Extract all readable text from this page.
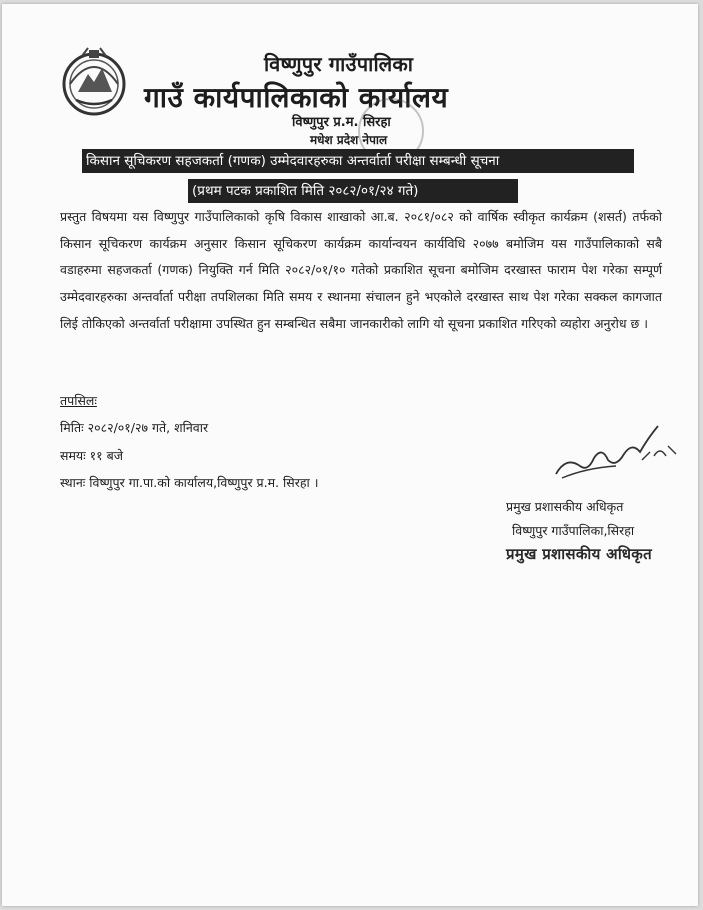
विष्णुपुर गाउँपालिका
गाउँ कार्यपालिकाको कार्यालय
विष्णुपुर प्र.म. सिरहा
मधेश प्रदेश नेपाल
किसान सूचिकरण सहजकर्ता (गणक) उम्मेदवारहरुका अन्तर्वार्ता परीक्षा सम्बन्धी सूचना
(प्रथम पटक प्रकाशित मिति २०८२/०१/२४ गते)
प्रस्तुत विषयमा यस विष्णुपुर गाउँपालिकाको कृषि विकास शाखाको आ.ब. २०८१/०८२ को वार्षिक स्वीकृत कार्यक्रम (शसर्त) तर्फको किसान सूचिकरण कार्यक्रम अनुसार किसान सूचिकरण कार्यक्रम कार्यान्वयन कार्यविधि २०७७ बमोजिम यस गाउँपालिकाको सबै वडाहरुमा सहजकर्ता (गणक) नियुक्ति गर्न मिति २०८२/०१/१० गतेको प्रकाशित सूचना बमोजिम दरखास्त फाराम पेश गरेका सम्पूर्ण उम्मेदवारहरुका अन्तर्वार्ता परीक्षा तपशिलका मिति समय र स्थानमा संचालन हुने भएकोले दरखास्त साथ पेश गरेका सक्कल कागजात लिई तोकिएको अन्तर्वार्ता परीक्षामा उपस्थित हुन सम्बन्धित सबैमा जानकारीको लागि यो सूचना प्रकाशित गरिएको व्यहोरा अनुरोध छ ।
तपसिलः
मितिः २०८२/०१/२७ गते, शनिवार
समयः ११ बजे
स्थानः विष्णुपुर गा.पा.को कार्यालय,विष्णुपुर प्र.म. सिरहा ।
प्रमुख प्रशासकीय अधिकृत
विष्णुपुर गाउँपालिका,सिरहा
प्रमुख प्रशासकीय अधिकृत
